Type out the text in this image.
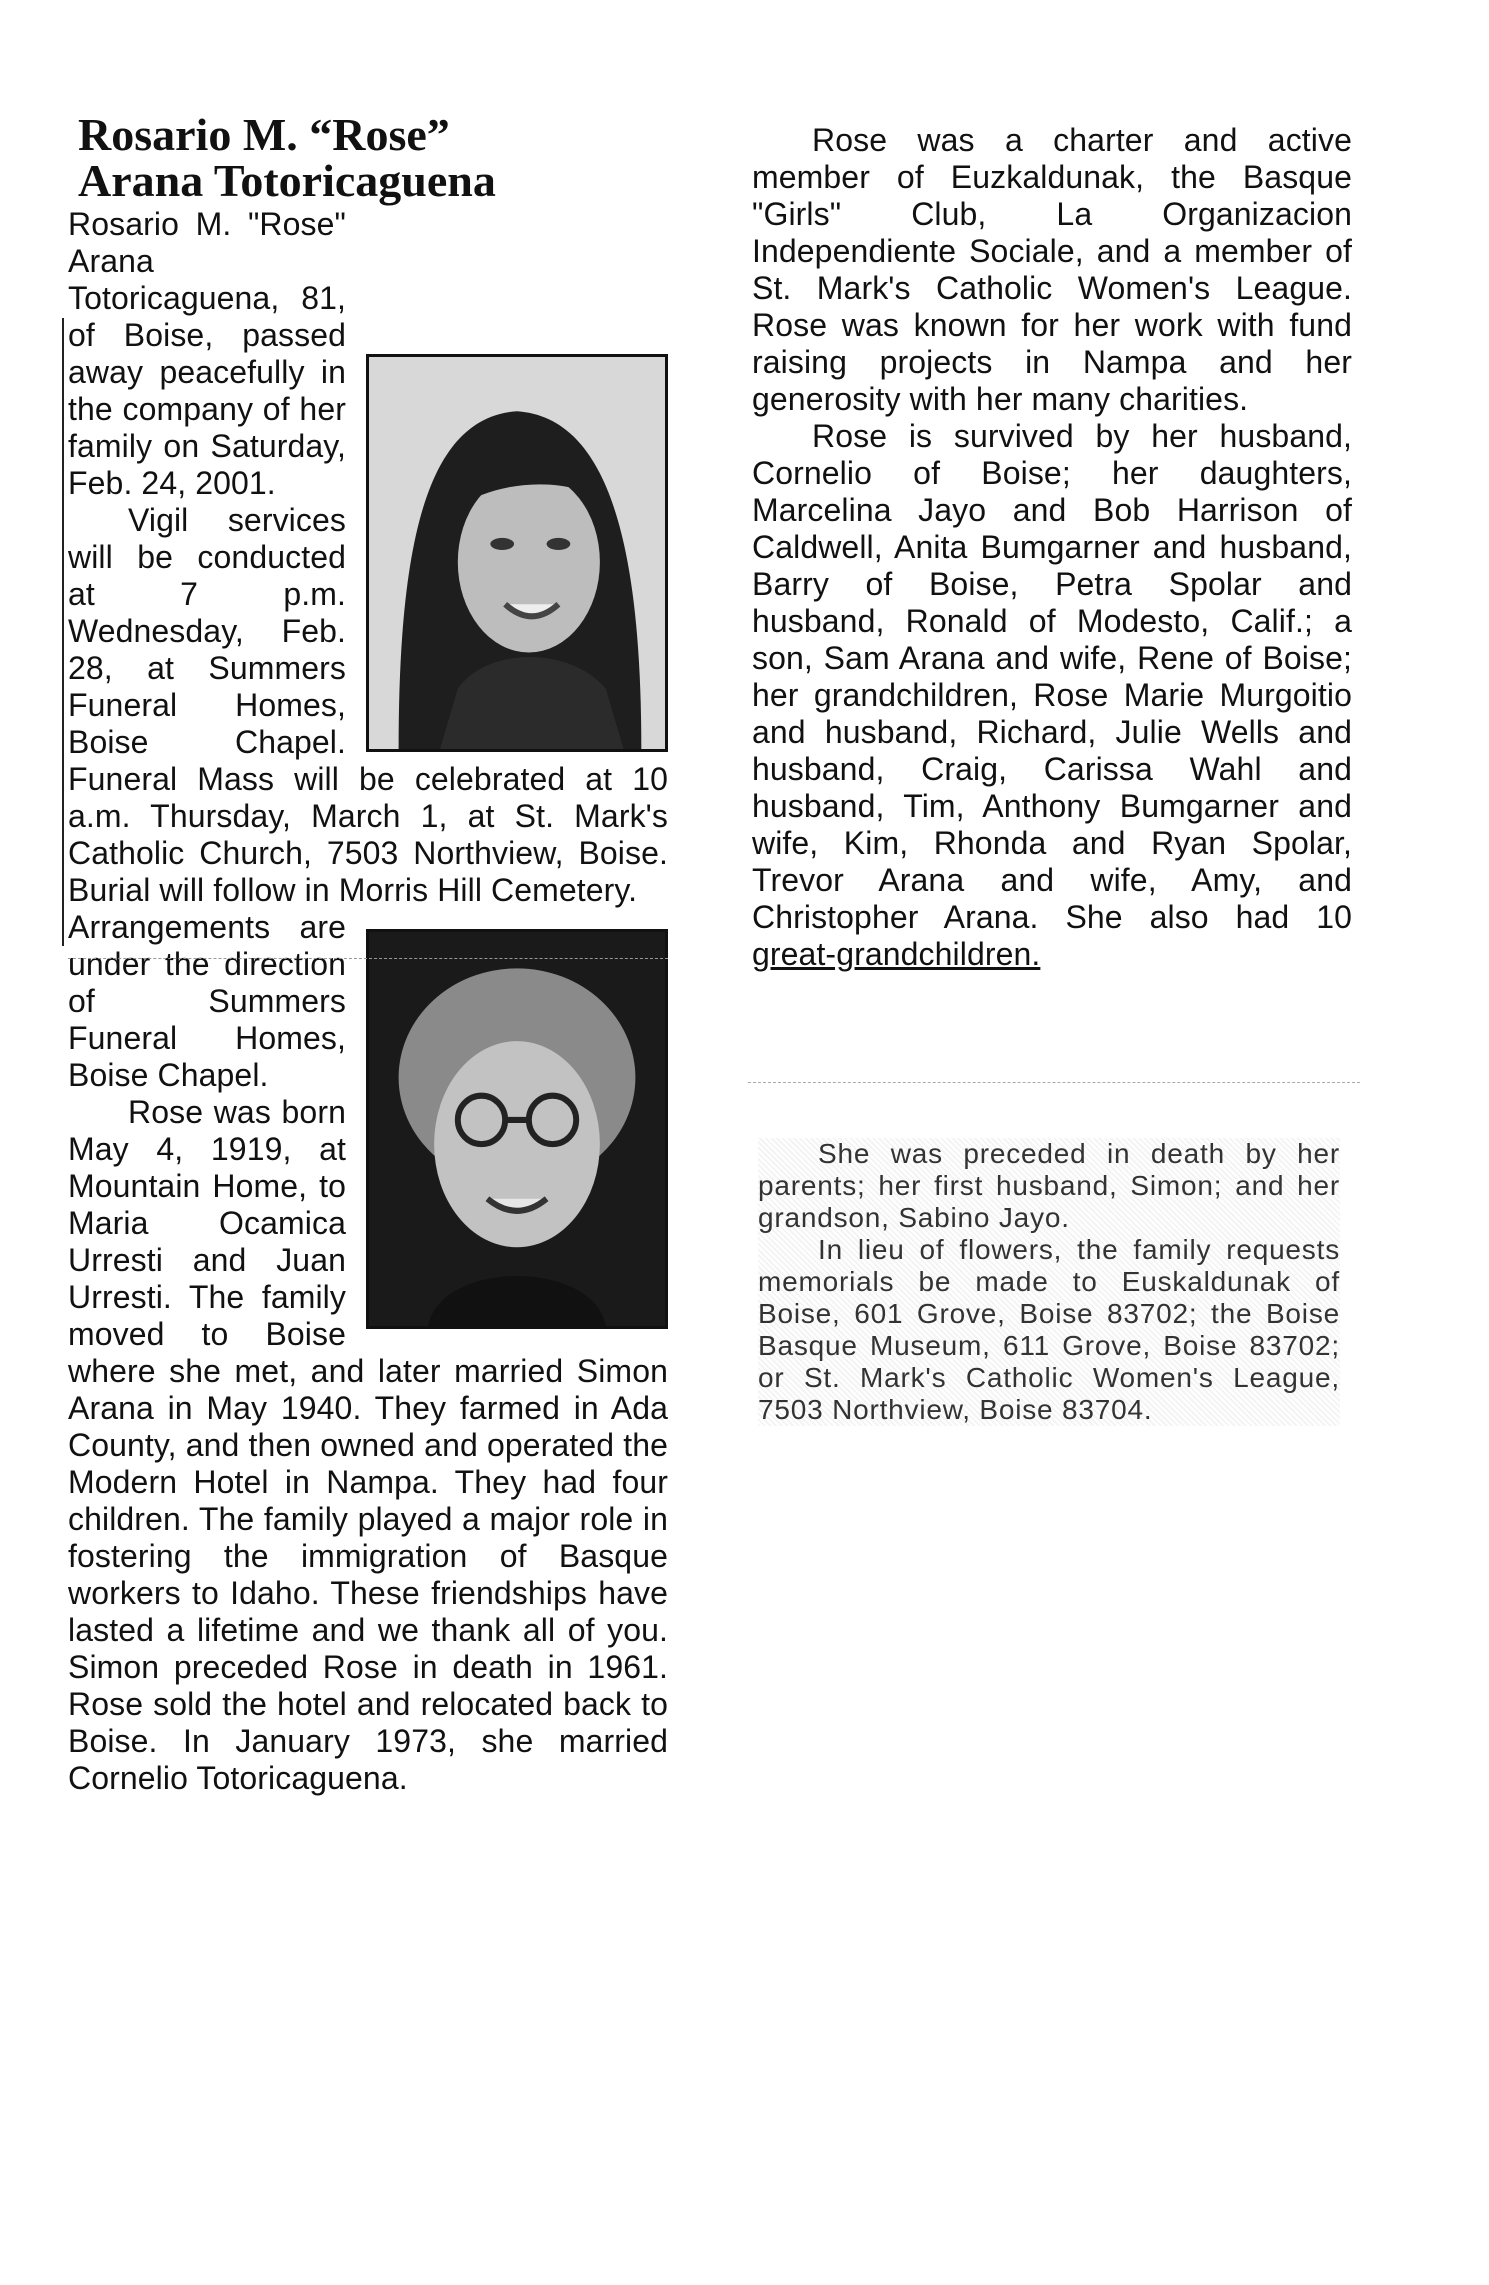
Rosario M. “Rose”
Arana Totoricaguena

Rosario M. "Rose" Arana Totoricaguena, 81, of Boise, passed away peacefully in the company of her family on Saturday, Feb. 24, 2001.

Vigil services will be conducted at 7 p.m. Wednesday, Feb. 28, at Summers Funeral Homes, Boise Chapel. Funeral Mass will be celebrated at 10 a.m. Thursday, March 1, at St. Mark's Catholic Church, 7503 Northview, Boise. Burial will follow in Morris Hill Cemetery.

Arrangements are under the direction of Summers Funeral Homes, Boise Chapel.

Rose was born May 4, 1919, at Mountain Home, to Maria Ocamica Urresti and Juan Urresti. The family moved to Boise where she met, and later married Simon Arana in May 1940. They farmed in Ada County, and then owned and operated the Modern Hotel in Nampa. They had four children. The family played a major role in fostering the immigration of Basque workers to Idaho. These friendships have lasted a lifetime and we thank all of you. Simon preceded Rose in death in 1961. Rose sold the hotel and relocated back to Boise. In January 1973, she married Cornelio Totoricaguena.

Rose was a charter and active member of Euzkaldunak, the Basque "Girls" Club, La Organizacion Independiente Sociale, and a member of St. Mark's Catholic Women's League. Rose was known for her work with fund raising projects in Nampa and her generosity with her many charities.

Rose is survived by her husband, Cornelio of Boise; her daughters, Marcelina Jayo and Bob Harrison of Caldwell, Anita Bumgarner and husband, Barry of Boise, Petra Spolar and husband, Ronald of Modesto, Calif.; a son, Sam Arana and wife, Rene of Boise; her grandchildren, Rose Marie Murgoitio and husband, Richard, Julie Wells and husband, Craig, Carissa Wahl and husband, Tim, Anthony Bumgarner and wife, Kim, Rhonda and Ryan Spolar, Trevor Arana and wife, Amy, and Christopher Arana. She also had 10 great-grandchildren.

She was preceded in death by her parents; her first husband, Simon; and her grandson, Sabino Jayo.

In lieu of flowers, the family requests memorials be made to Euskaldunak of Boise, 601 Grove, Boise 83702; the Boise Basque Museum, 611 Grove, Boise 83702; or St. Mark's Catholic Women's League, 7503 Northview, Boise 83704.
